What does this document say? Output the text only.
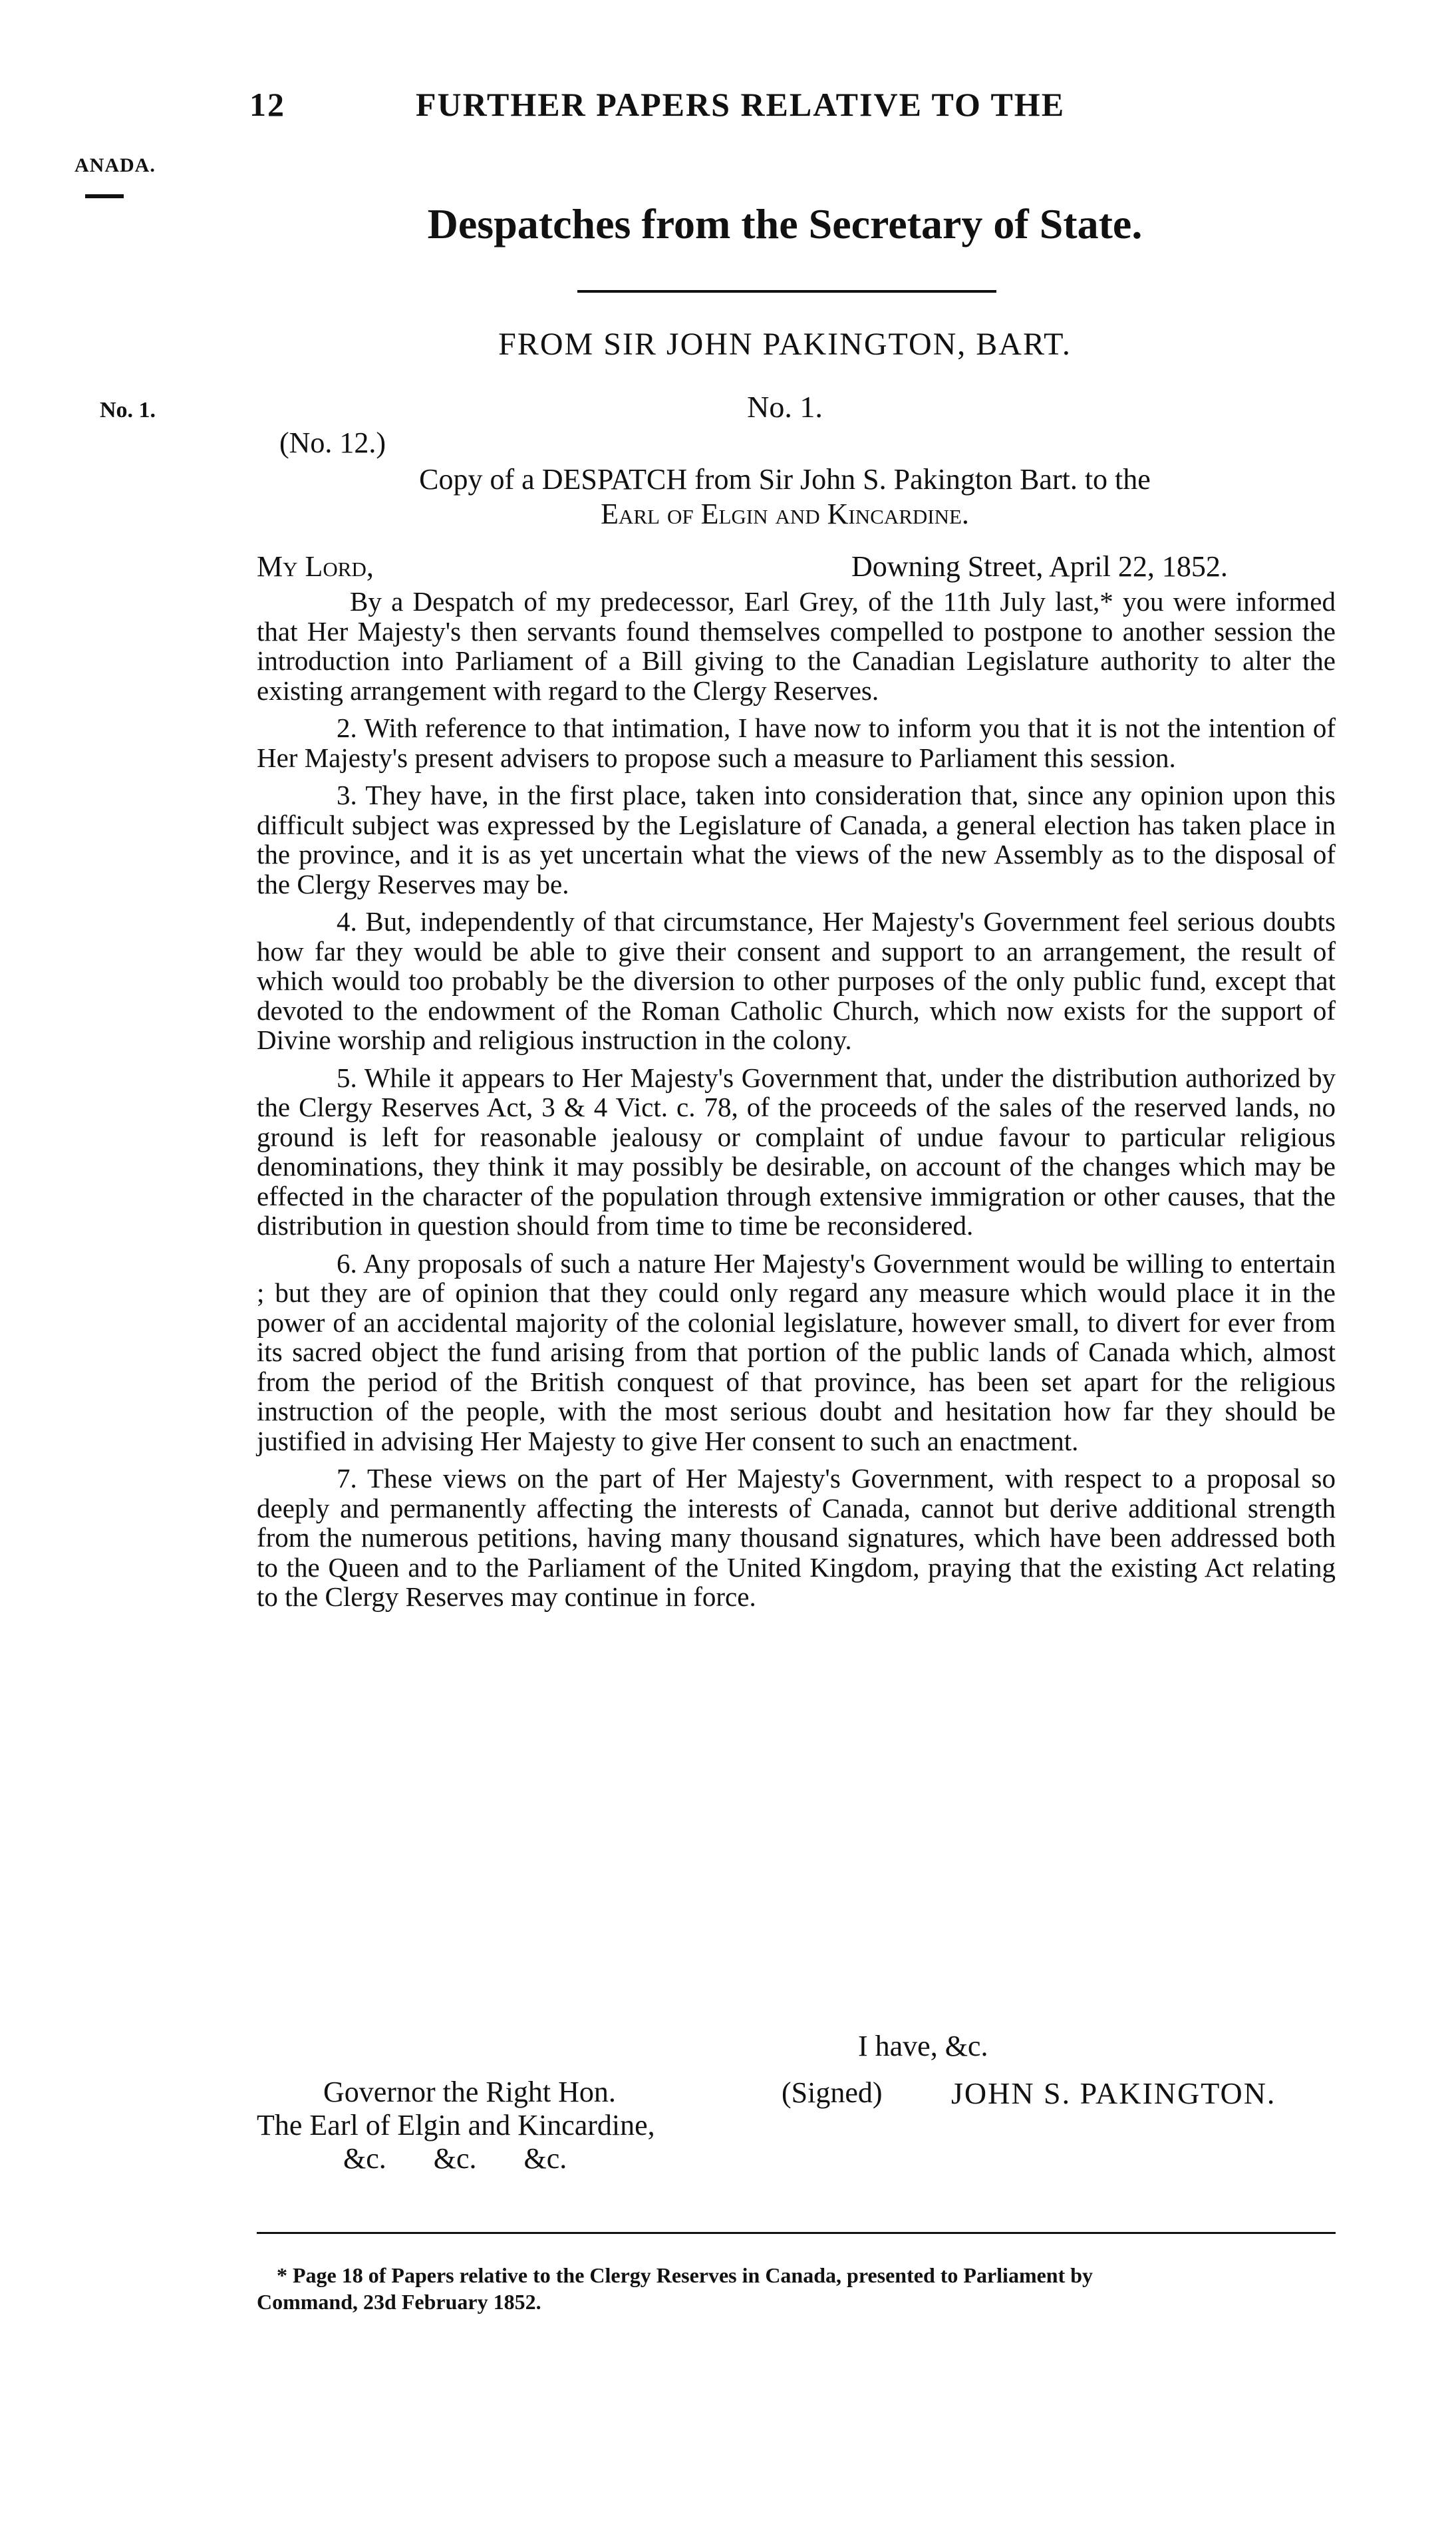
12	FURTHER PAPERS RELATIVE TO THE
ANADA.
No. 1.
Despatches from the Secretary of State.
FROM SIR JOHN PAKINGTON, BART.
No. 1.
(No. 12.)
Copy of a DESPATCH from Sir John S. Pakington Bart. to the
Earl of Elgin and Kincardine.
My Lord,	Downing Street, April 22, 1852.

By a Despatch of my predecessor, Earl Grey, of the 11th July last,* you were informed that Her Majesty's then servants found themselves compelled to postpone to another session the introduction into Parliament of a Bill giving to the Canadian Legislature authority to alter the existing arrangement with regard to the Clergy Reserves.

2. With reference to that intimation, I have now to inform you that it is not the intention of Her Majesty's present advisers to propose such a measure to Parliament this session.

3. They have, in the first place, taken into consideration that, since any opinion upon this difficult subject was expressed by the Legislature of Canada, a general election has taken place in the province, and it is as yet uncertain what the views of the new Assembly as to the disposal of the Clergy Reserves may be.

4. But, independently of that circumstance, Her Majesty's Government feel serious doubts how far they would be able to give their consent and support to an arrangement, the result of which would too probably be the diversion to other purposes of the only public fund, except that devoted to the endowment of the Roman Catholic Church, which now exists for the support of Divine worship and religious instruction in the colony.

5. While it appears to Her Majesty's Government that, under the distribution authorized by the Clergy Reserves Act, 3 & 4 Vict. c. 78, of the proceeds of the sales of the reserved lands, no ground is left for reasonable jealousy or complaint of undue favour to particular religious denominations, they think it may possibly be desirable, on account of the changes which may be effected in the character of the population through extensive immigration or other causes, that the distribution in question should from time to time be reconsidered.

6. Any proposals of such a nature Her Majesty's Government would be willing to entertain ; but they are of opinion that they could only regard any measure which would place it in the power of an accidental majority of the colonial legislature, however small, to divert for ever from its sacred object the fund arising from that portion of the public lands of Canada which, almost from the period of the British conquest of that province, has been set apart for the religious instruction of the people, with the most serious doubt and hesitation how far they should be justified in advising Her Majesty to give Her consent to such an enactment.

7. These views on the part of Her Majesty's Government, with respect to a proposal so deeply and permanently affecting the interests of Canada, cannot but derive additional strength from the numerous petitions, having many thousand signatures, which have been addressed both to the Queen and to the Parliament of the United Kingdom, praying that the existing Act relating to the Clergy Reserves may continue in force.

I have, &c.
Governor the Right Hon.
The Earl of Elgin and Kincardine,
&c. &c. &c.
(Signed) JOHN S. PAKINGTON.
* Page 18 of Papers relative to the Clergy Reserves in Canada, presented to Parliament by
Command, 23d February 1852.
